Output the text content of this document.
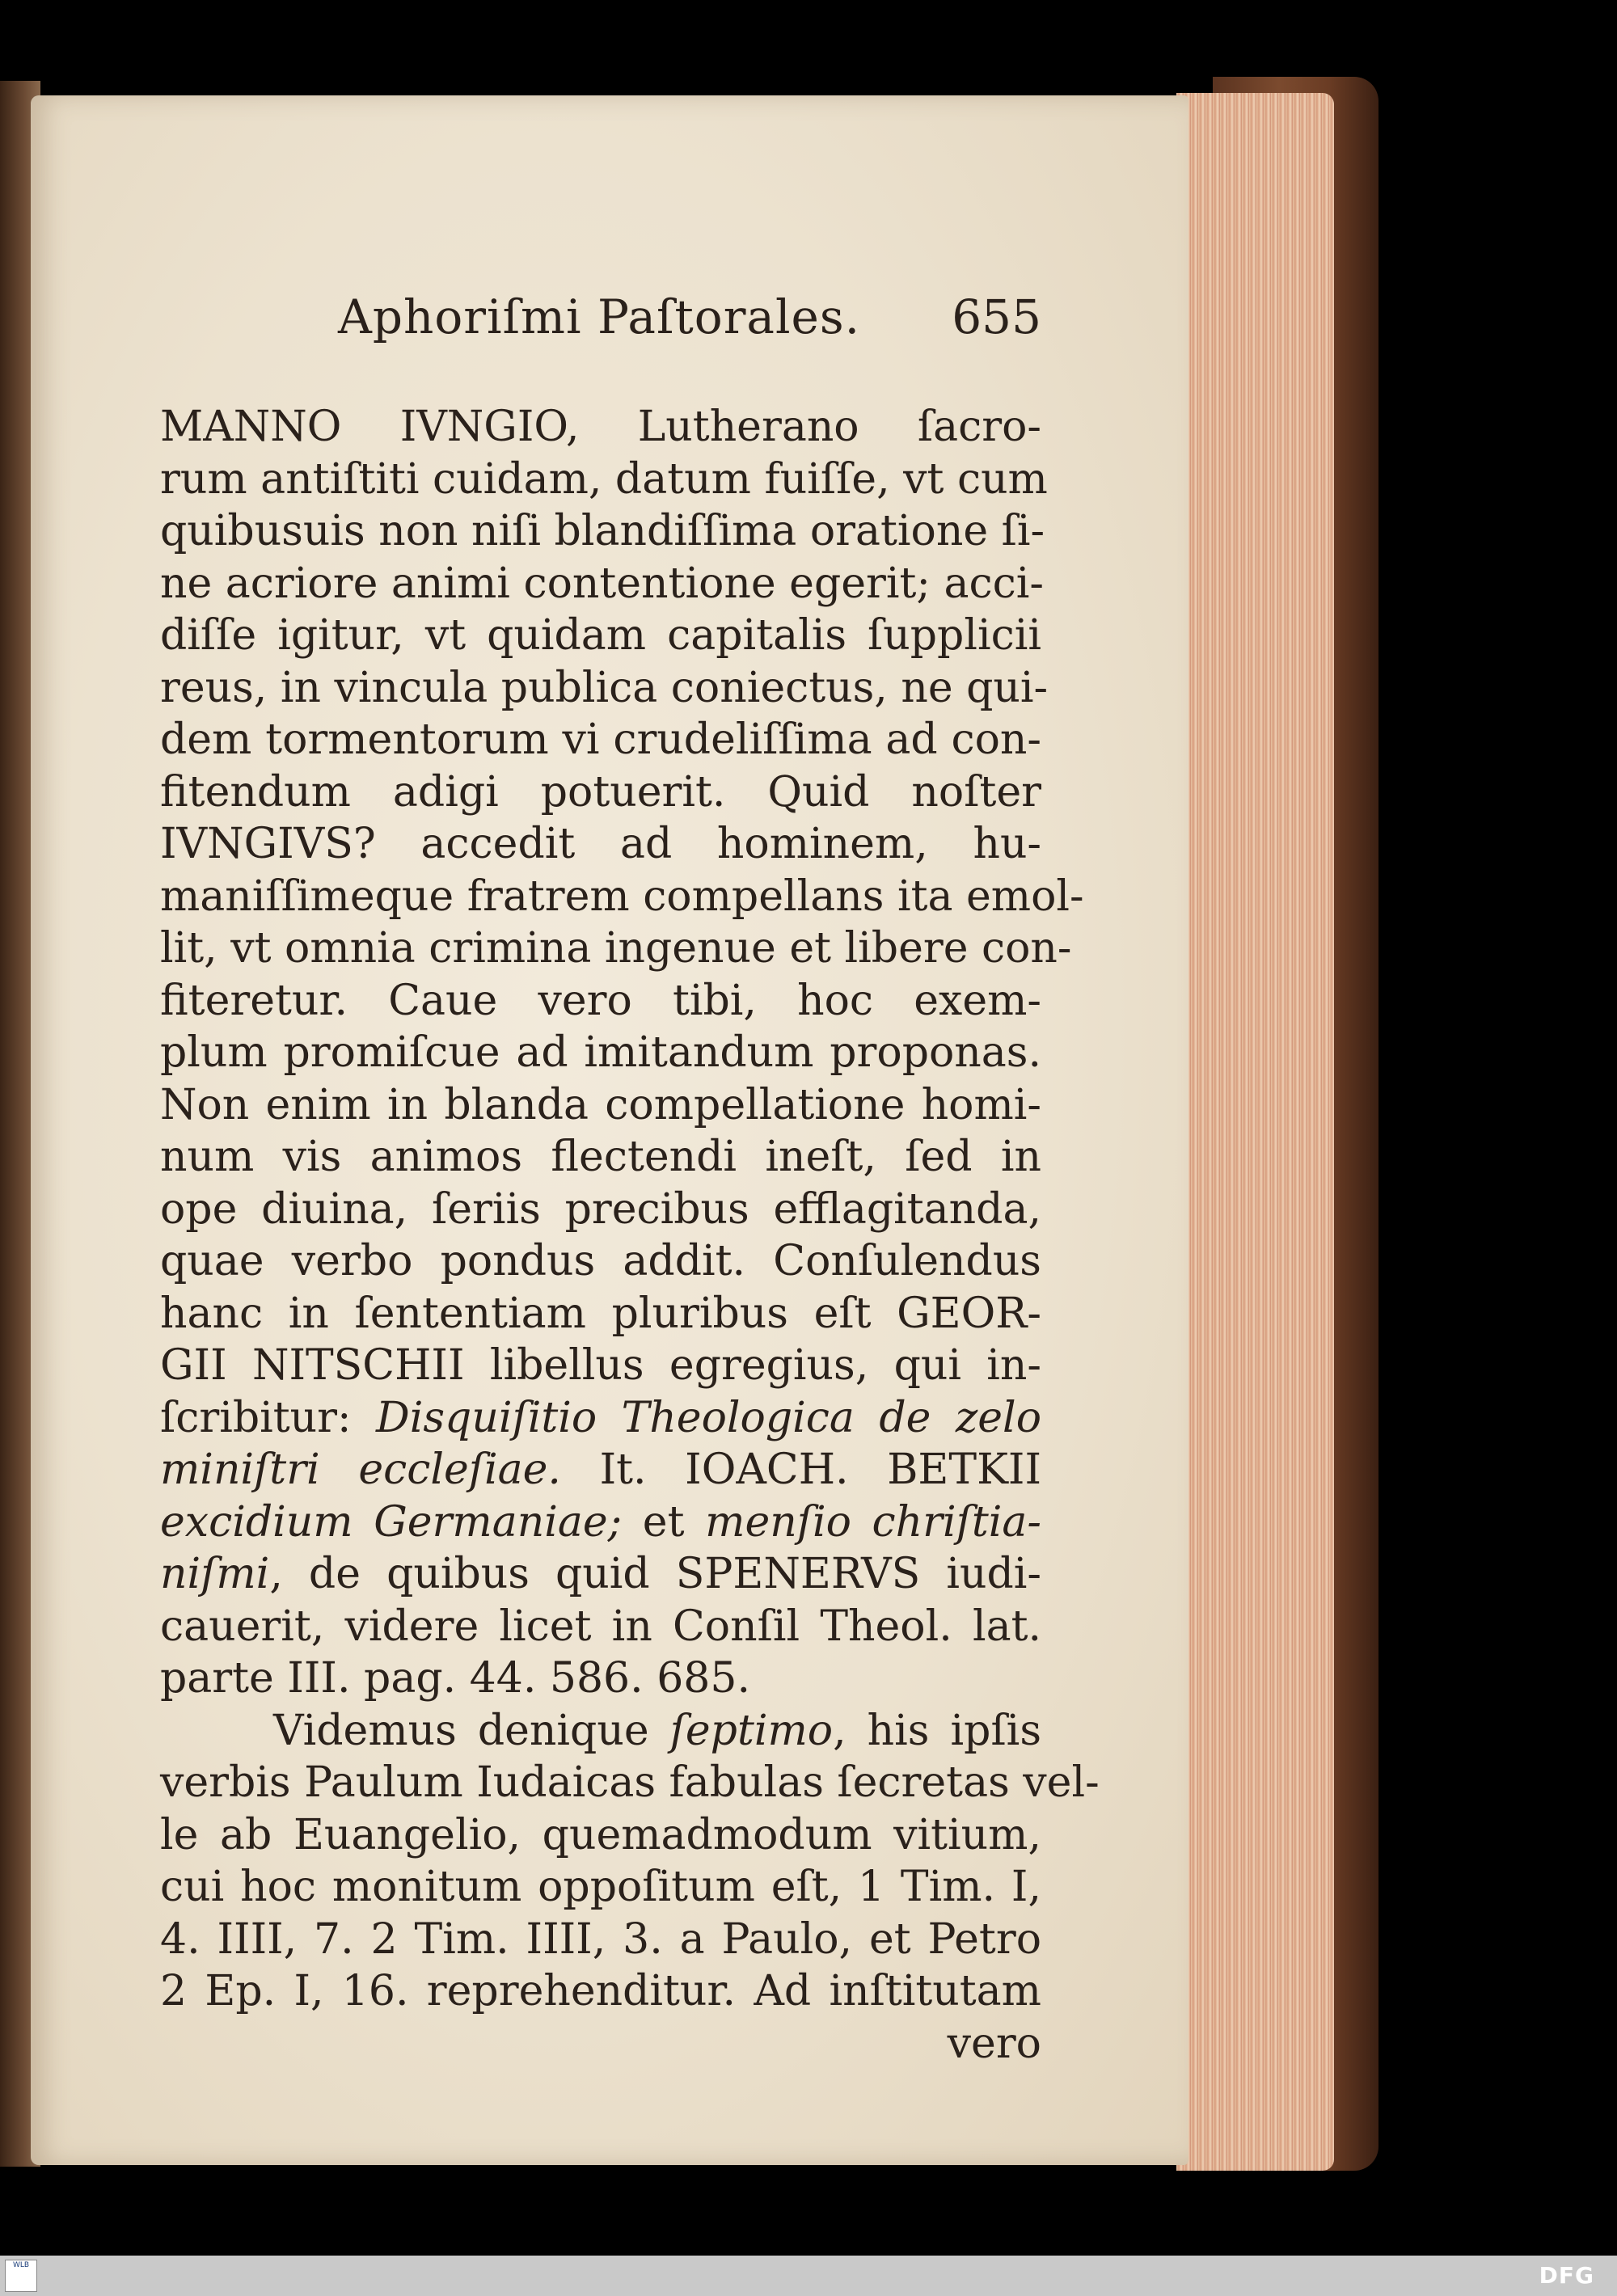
Aphoriſmi Paſtorales. 655
MANNO IVNGIO, Lutherano ſacro-
rum antiſtiti cuidam, datum fuiſſe, vt cum
quibusuis non niſi blandiſſima oratione ſi-
ne acriore animi contentione egerit; acci-
diſſe igitur, vt quidam capitalis ſupplicii
reus, in vincula publica coniectus, ne qui-
dem tormentorum vi crudeliſſima ad con-
fitendum adigi potuerit. Quid noſter
IVNGIVS? accedit ad hominem, hu-
maniſſimeque fratrem compellans ita emol-
lit, vt omnia crimina ingenue et libere con-
fiteretur. Caue vero tibi, hoc exem-
plum promiſcue ad imitandum proponas.
Non enim in blanda compellatione homi-
num vis animos flectendi ineſt, ſed in
ope diuina, ſeriis precibus efflagitanda,
quae verbo pondus addit. Conſulendus
hanc in ſententiam pluribus eſt GEOR-
GII NITSCHII libellus egregius, qui in-
ſcribitur: Disquiſitio Theologica de zelo
miniſtri eccleſiae. It. IOACH. BETKII
excidium Germaniae; et menſio chriſtia-
niſmi, de quibus quid SPENERVS iudi-
cauerit, videre licet in Conſil Theol. lat.
parte III. pag. 44. 586. 685.
Videmus denique ſeptimo, his ipſis
verbis Paulum Iudaicas fabulas ſecretas vel-
le ab Euangelio, quemadmodum vitium,
cui hoc monitum oppoſitum eſt, 1 Tim. I,
4. IIII, 7. 2 Tim. IIII, 3. a Paulo, et Petro
2 Ep. I, 16. reprehenditur. Ad inſtitutam
vero
WLB	DFG
